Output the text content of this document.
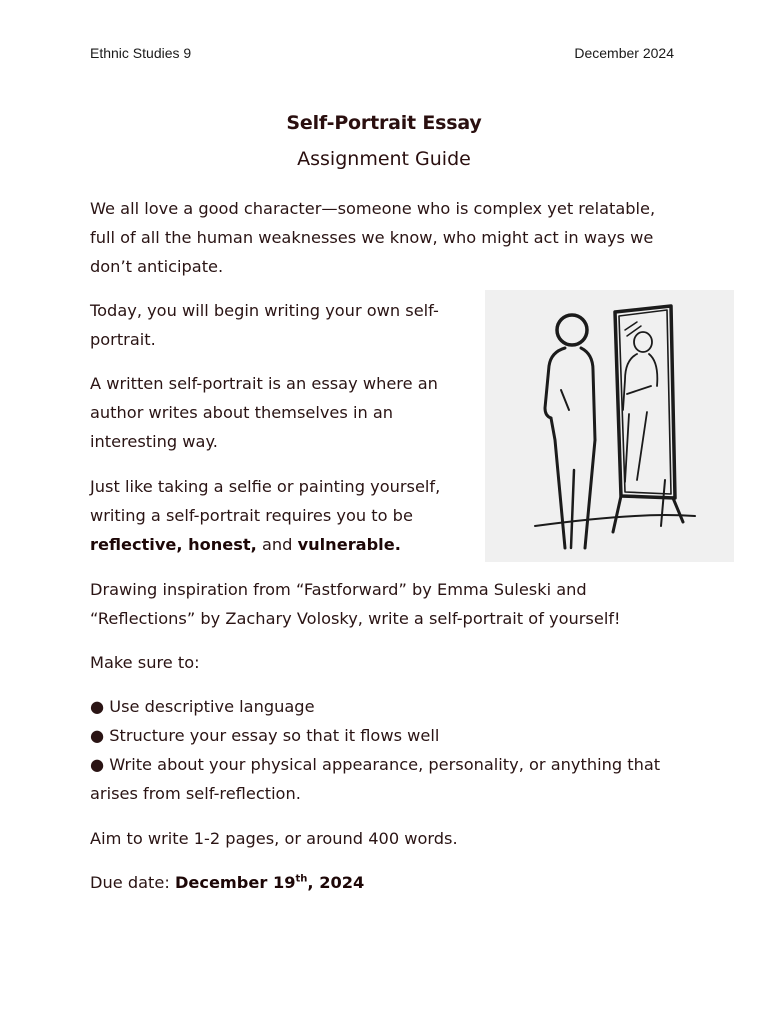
Ethnic Studies 9	December 2024
Self-Portrait Essay
Assignment Guide

We all love a good character—someone who is complex yet relatable, full of all the human weaknesses we know, who might act in ways we don’t anticipate.

Today, you will begin writing your own self-portrait.

A written self-portrait is an essay where an author writes about themselves in an interesting way.

Just like taking a selfie or painting yourself, writing a self-portrait requires you to be reflective, honest, and vulnerable.

Drawing inspiration from “Fastforward” by Emma Suleski and “Reflections” by Zachary Volosky, write a self-portrait of yourself!

Make sure to:

● Use descriptive language
● Structure your essay so that it flows well
● Write about your physical appearance, personality, or anything that arises from self-reflection.

Aim to write 1-2 pages, or around 400 words.

Due date: December 19th, 2024
